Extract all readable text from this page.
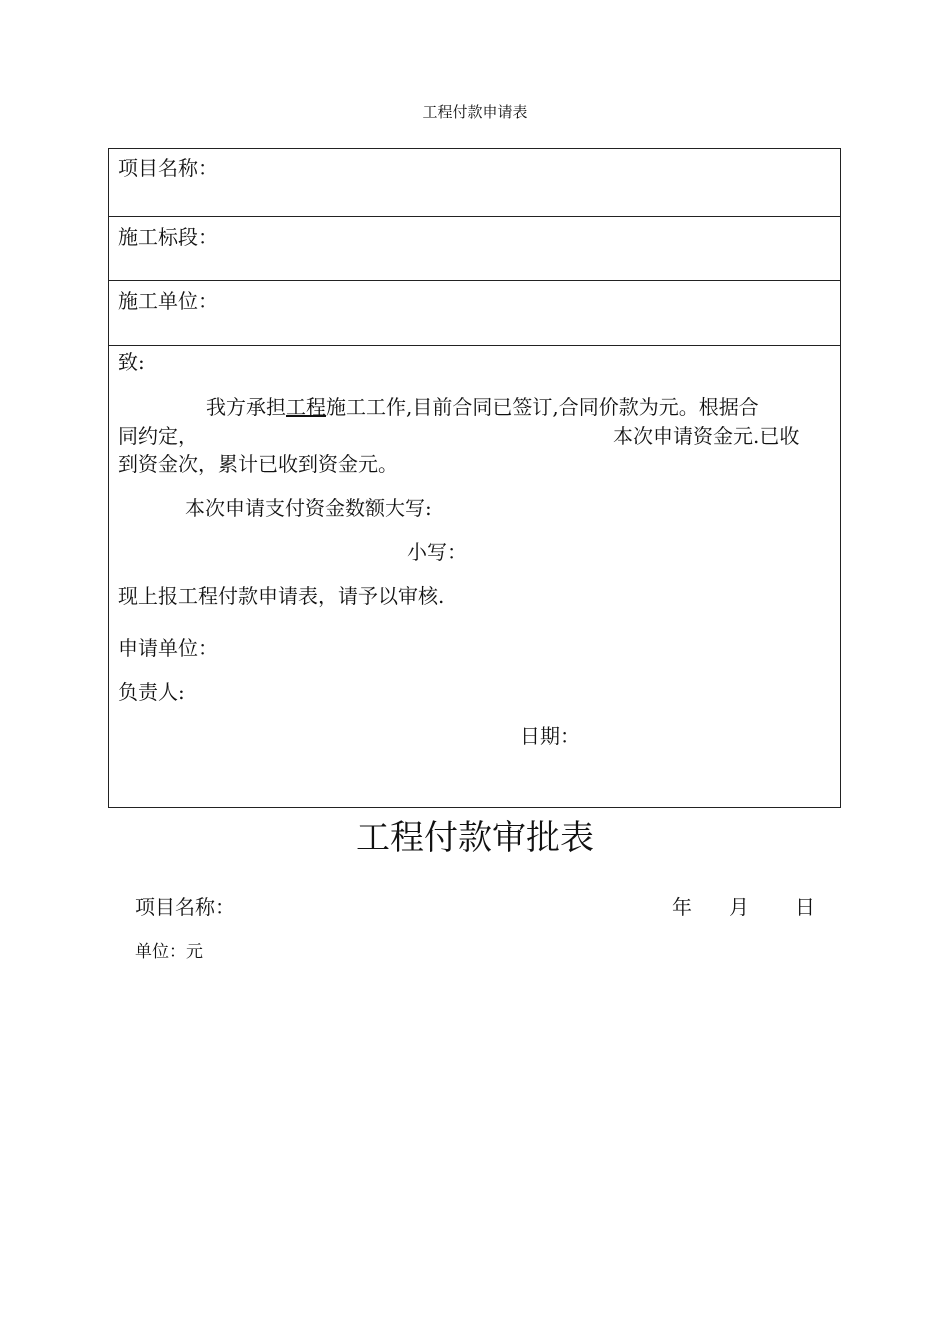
工程付款申请表
项目名称：
施工标段：
施工单位：
致:
我方承担工程施工工作,目前合同已签订,合同价款为元。根据合
同约定，	本次申请资金元.已收
到资金次，累计已收到资金元。
本次申请支付资金数额大写:
小写：
现上报工程付款申请表，请予以审核.
申请单位：
负责人:
日期：
工程付款审批表
项目名称：	年 月 日
单位：元
